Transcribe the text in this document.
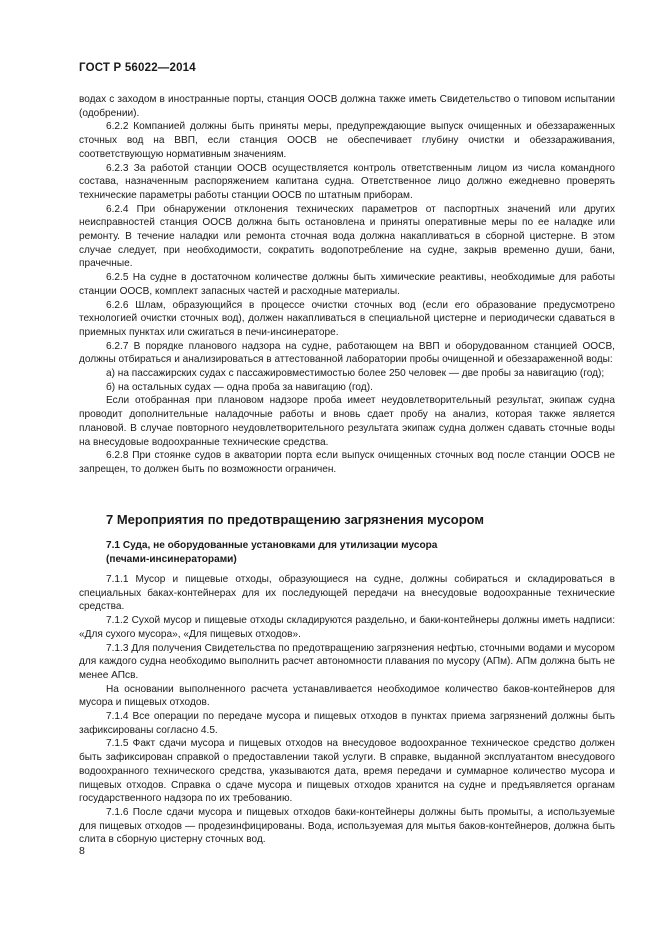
ГОСТ Р 56022—2014

водах с заходом в иностранные порты, станция ООСВ должна также иметь Свидетельство о типовом испытании (одобрении).

6.2.2 Компанией должны быть приняты меры, предупреждающие выпуск очищенных и обеззараженных сточных вод на ВВП, если станция ООСВ не обеспечивает глубину очистки и обеззараживания, соответствующую нормативным значениям.

6.2.3 За работой станции ООСВ осуществляется контроль ответственным лицом из числа командного состава, назначенным распоряжением капитана судна. Ответственное лицо должно ежедневно проверять технические параметры работы станции ООСВ по штатным приборам.

6.2.4 При обнаружении отклонения технических параметров от паспортных значений или других неисправностей станция ООСВ должна быть остановлена и приняты оперативные меры по ее наладке или ремонту. В течение наладки или ремонта сточная вода должна накапливаться в сборной цистерне. В этом случае следует, при необходимости, сократить водопотребление на судне, закрыв временно души, бани, прачечные.

6.2.5 На судне в достаточном количестве должны быть химические реактивы, необходимые для работы станции ООСВ, комплект запасных частей и расходные материалы.

6.2.6 Шлам, образующийся в процессе очистки сточных вод (если его образование предусмотрено технологией очистки сточных вод), должен накапливаться в специальной цистерне и периодически сдаваться в приемных пунктах или сжигаться в печи-инсинераторе.

6.2.7 В порядке планового надзора на судне, работающем на ВВП и оборудованном станцией ООСВ, должны отбираться и анализироваться в аттестованной лаборатории пробы очищенной и обеззараженной воды:

а) на пассажирских судах с пассажировместимостью более 250 человек — две пробы за навигацию (год);

б) на остальных судах — одна проба за навигацию (год).

Если отобранная при плановом надзоре проба имеет неудовлетворительный результат, экипаж судна проводит дополнительные наладочные работы и вновь сдает пробу на анализ, которая также является плановой. В случае повторного неудовлетворительного результата экипаж судна должен сдавать сточные воды на внесудовые водоохранные технические средства.

6.2.8 При стоянке судов в акватории порта ecли выпуск очищенных сточных вод после станции ООСВ не запрещен, то должен быть по возможности ограничен.

7 Мероприятия по предотвращению загрязнения мусором
7.1 Суда, не оборудованные установками для утилизации мусора
(печами-инсинераторами)

7.1.1 Мусор и пищевые отходы, образующиеся на судне, должны собираться и складироваться в специальных баках-контейнерах для их последующей передачи на внесудовые водоохранные технические средства.

7.1.2 Сухой мусор и пищевые отходы складируются раздельно, и баки-контейнеры должны иметь надписи: «Для сухого мусора», «Для пищевых отходов».

7.1.3 Для получения Свидетельства по предотвращению загрязнения нефтью, сточными водами и мусором для каждого судна необходимо выполнить расчет автономности плавания по мусору (АПм). АПм должна быть не менее АПсв.

На основании выполненного расчета устанавливается необходимое количество баков-контейнеров для мусора и пищевых отходов.

7.1.4 Все операции по передаче мусора и пищевых отходов в пунктах приема загрязнений должны быть зафиксированы согласно 4.5.

7.1.5 Факт сдачи мусора и пищевых отходов на внесудовое водоохранное техническое средство должен быть зафиксирован справкой о предоставлении такой услуги. В справке, выданной эксплуатантом внесудового водоохранного технического средства, указываются дата, время передачи и суммарное количество мусора и пищевых отходов. Справка о сдаче мусора и пищевых отходов хранится на судне и предъявляется органам государственного надзора по их требованию.

7.1.6 После сдачи мусора и пищевых отходов баки-контейнеры должны быть промыты, а используемые для пищевых отходов — продезинфицированы. Вода, используемая для мытья баков-контейнеров, должна быть слита в сборную цистерну сточных вод.

8
